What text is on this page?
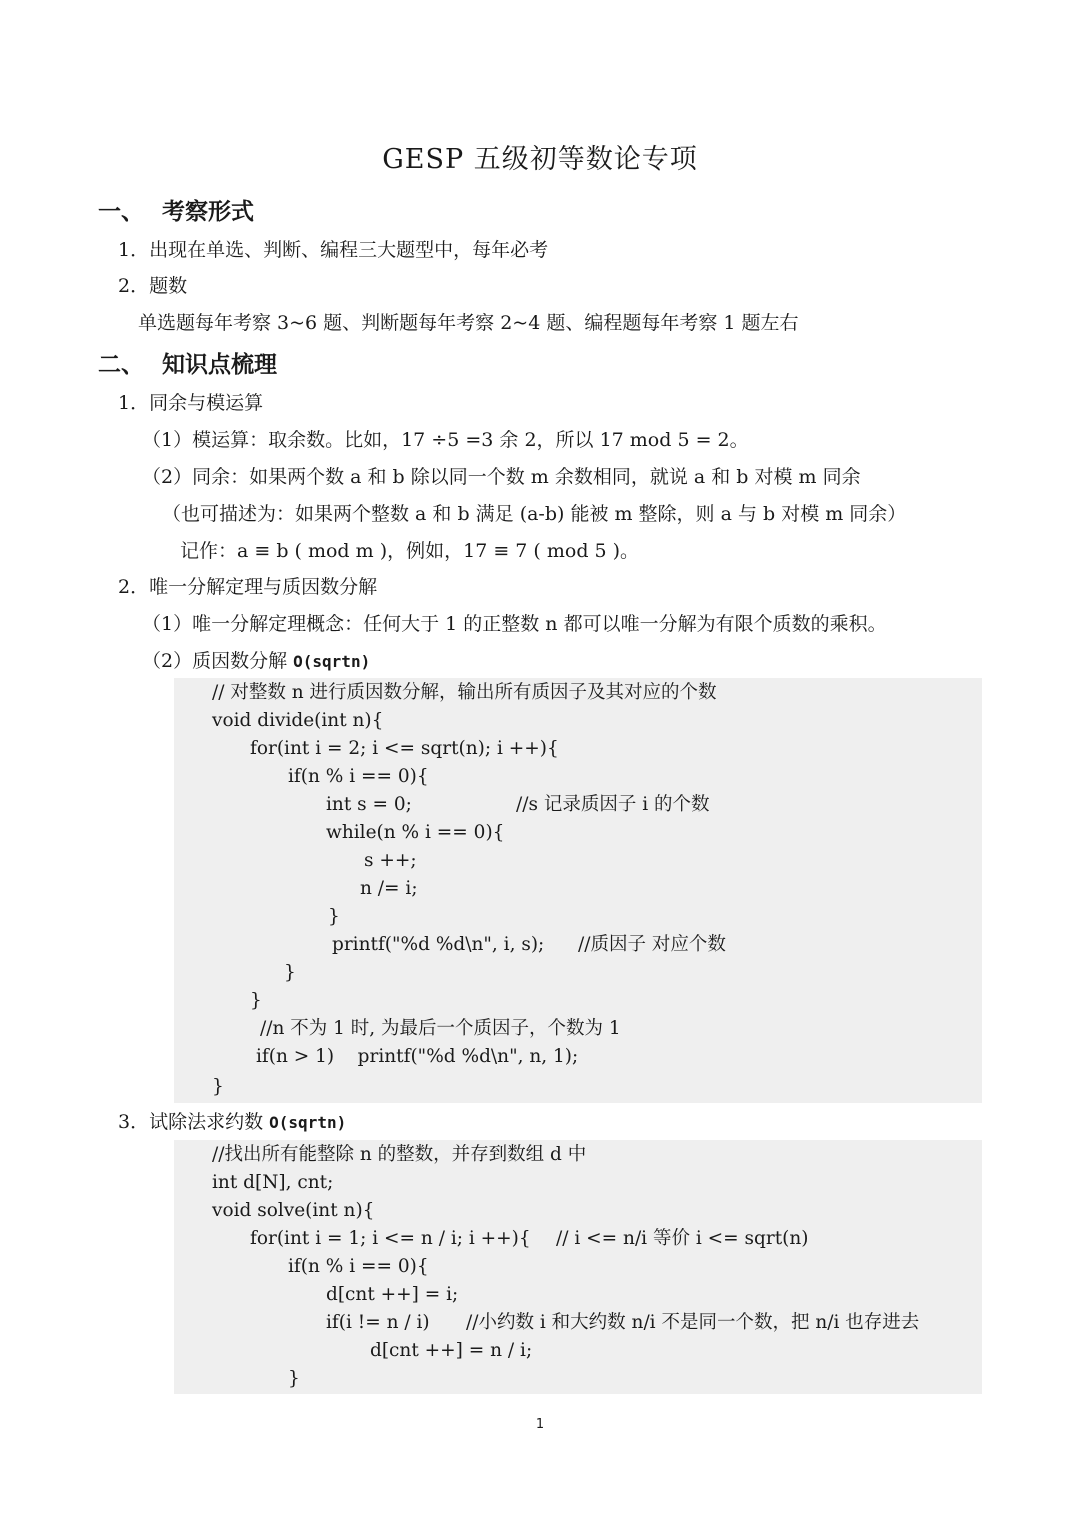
GESP 五级初等数论专项
一、 考察形式
1．出现在单选、判断、编程三大题型中，每年必考
2．题数
单选题每年考察 3~6 题、判断题每年考察 2~4 题、编程题每年考察 1 题左右
二、 知识点梳理
1．同余与模运算
（1）模运算：取余数。比如，17 ÷5 =3 余 2，所以 17 mod 5 = 2。
（2）同余：如果两个数 a 和 b 除以同一个数 m 余数相同，就说 a 和 b 对模 m 同余
（也可描述为：如果两个整数 a 和 b 满足 (a-b) 能被 m 整除，则 a 与 b 对模 m 同余）
记作：a ≡ b ( mod m )，例如，17 ≡ 7 ( mod 5 )。
2．唯一分解定理与质因数分解
（1）唯一分解定理概念：任何大于 1 的正整数 n 都可以唯一分解为有限个质数的乘积。
（2）质因数分解 O(sqrtn)
// 对整数 n 进行质因数分解，输出所有质因子及其对应的个数
void divide(int n){
for(int i = 2; i <= sqrt(n); i ++){
if(n % i == 0){
int s = 0;	//s 记录质因子 i 的个数
while(n % i == 0){
s ++;
n /= i;
}
printf("%d %d\n", i, s); //质因子 对应个数
}
}
//n 不为 1 时, 为最后一个质因子，个数为 1
if(n > 1)    printf("%d %d\n", n, 1);
}
3．试除法求约数 O(sqrtn)
//找出所有能整除 n 的整数，并存到数组 d 中
int d[N], cnt;
void solve(int n){
for(int i = 1; i <= n / i; i ++){ // i <= n/i 等价 i <= sqrt(n)
if(n % i == 0){
d[cnt ++] = i;
if(i != n / i) //小约数 i 和大约数 n/i 不是同一个数，把 n/i 也存进去
d[cnt ++] = n / i;
}
1
